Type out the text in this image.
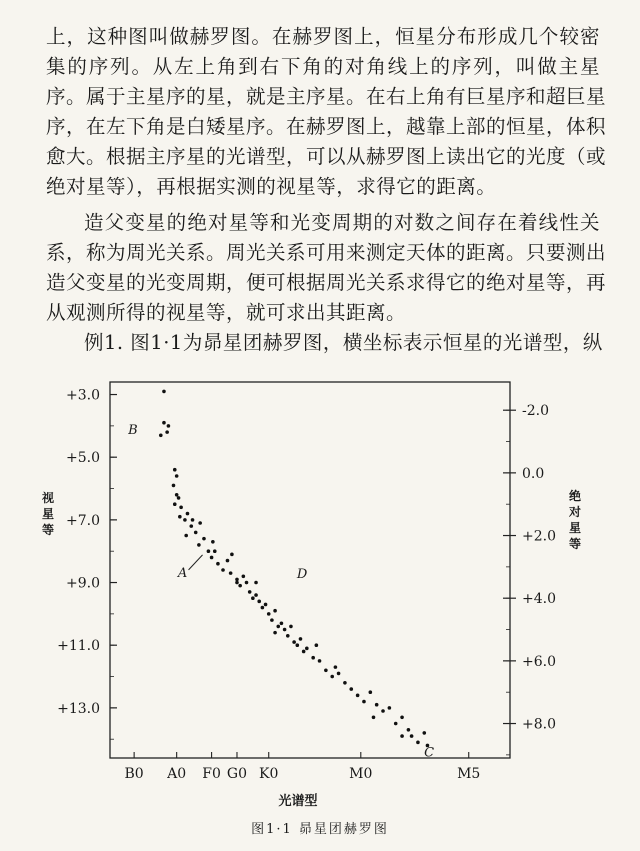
上，这种图叫做赫罗图。在赫罗图上，恒星分布形成几个较密
集的序列。从左上角到右下角的对角线上的序列，叫做主星
序。属于主星序的星，就是主序星。在右上角有巨星序和超巨星
序，在左下角是白矮星序。在赫罗图上，越靠上部的恒星，体积
愈大。根据主序星的光谱型，可以从赫罗图上读出它的光度（或
绝对星等），再根据实测的视星等，求得它的距离。
造父变星的绝对星等和光变周期的对数之间存在着线性关
系，称为周光关系。周光关系可用来测定天体的距离。只要测出
造父变星的光变周期，便可根据周光关系求得它的绝对星等，再
从观测所得的视星等，就可求出其距离。
例1. 图1·1为昴星团赫罗图，横坐标表示恒星的光谱型，纵
+3.0
+5.0
+7.0
+9.0
+11.0
+13.0
-2.0
0.0
+2.0
+4.0
+6.0
+8.0
B0 A0 F0 G0 K0	M0	M5
视
星
等
绝
对
星
等
光谱型
B
A	D
C
图1·1 昴星团赫罗图
